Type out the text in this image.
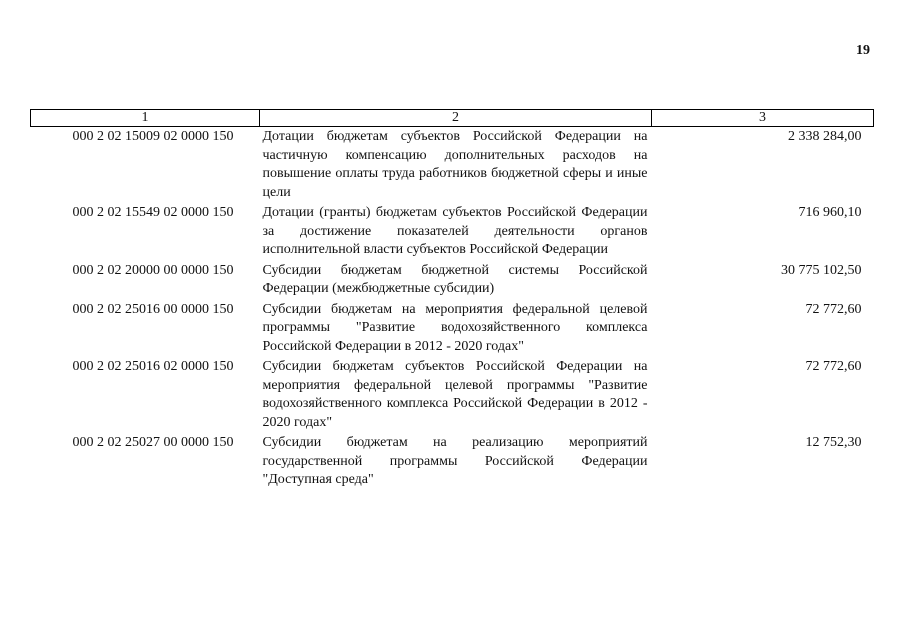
19
1	2	3
000 2 02 15009 02 0000 150	Дотации бюджетам субъектов Российской Федерации на частичную компенсацию дополнительных расходов на повышение оплаты труда работников бюджетной сферы и иные цели	2 338 284,00
000 2 02 15549 02 0000 150	Дотации (гранты) бюджетам субъектов Российской Федерации за достижение показателей деятельности органов исполнительной власти субъектов Российской Федерации	716 960,10
000 2 02 20000 00 0000 150	Субсидии бюджетам бюджетной системы Российской Федерации (межбюджетные субсидии)	30 775 102,50
000 2 02 25016 00 0000 150	Субсидии бюджетам на мероприятия федеральной целевой программы "Развитие водохозяйственного комплекса Российской Федерации в 2012 - 2020 годах"	72 772,60
000 2 02 25016 02 0000 150	Субсидии бюджетам субъектов Российской Федерации на мероприятия федеральной целевой программы "Развитие водохозяйственного комплекса Российской Федерации в 2012 - 2020 годах"	72 772,60
000 2 02 25027 00 0000 150	Субсидии бюджетам на реализацию мероприятий государственной программы Российской Федерации "Доступная среда"	12 752,30
